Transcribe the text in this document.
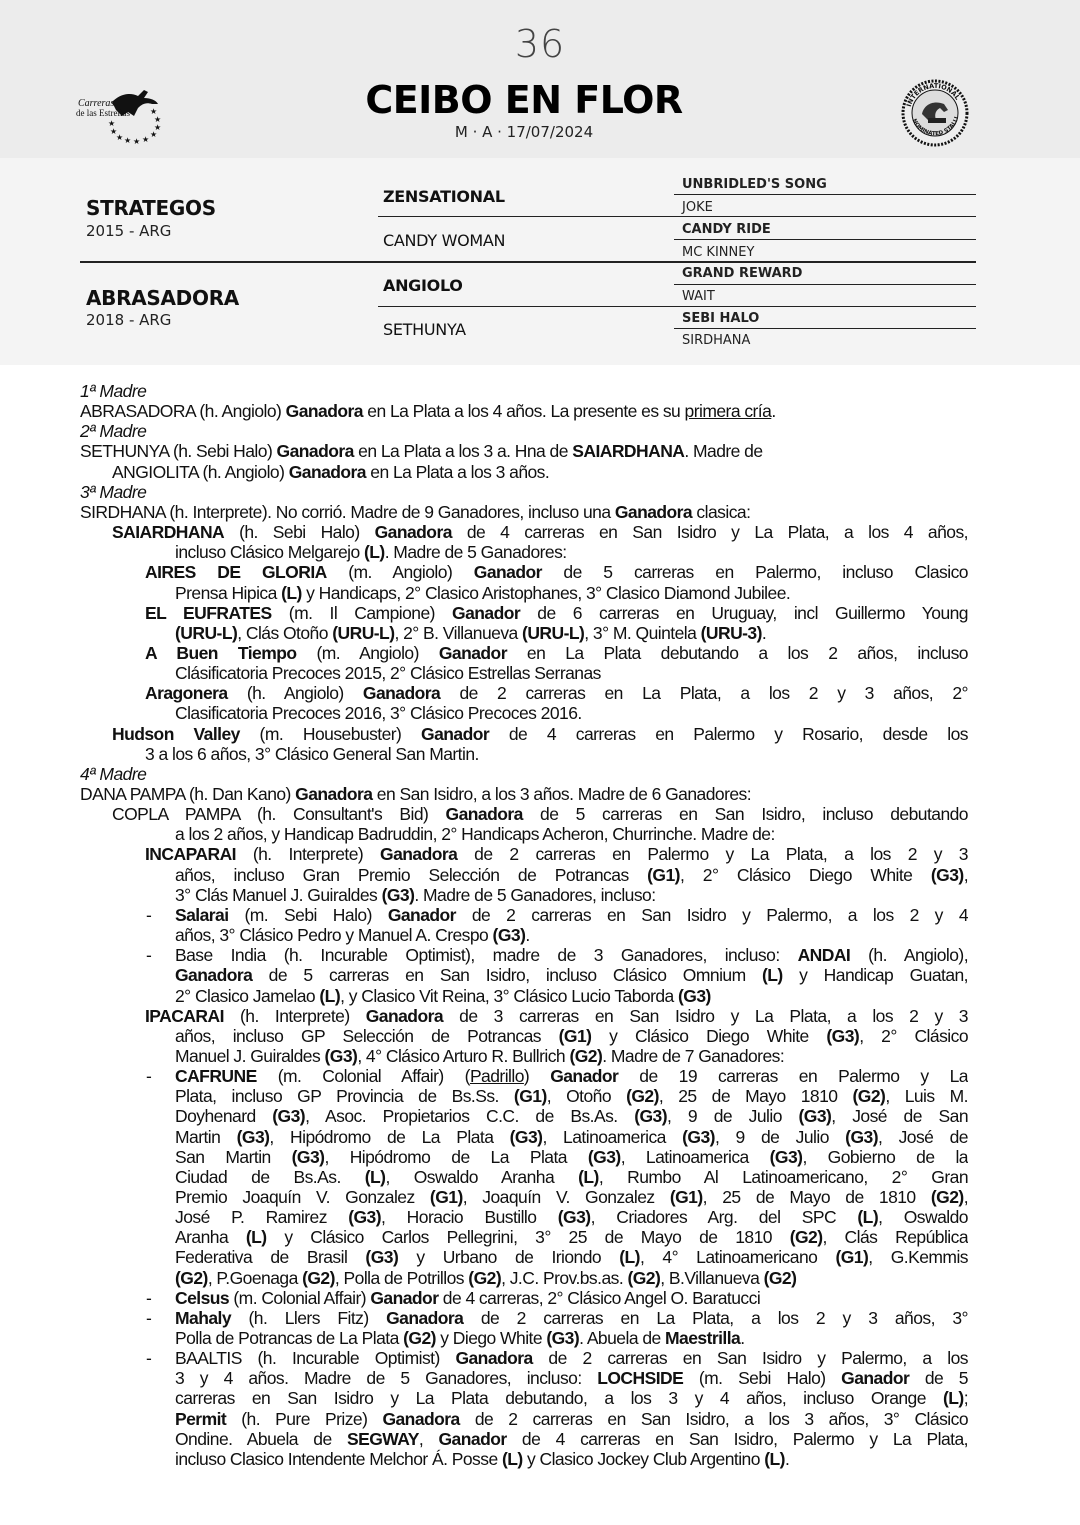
Carreras
de las Estrellas	★
★
★
★
★
★
★
★
★
★
36
CEIBO EN FLOR
M · A · 17/07/2024
INTERNATIONAL
NOMINATED STALLI
STRATEGOS
2015 - ARG
ABRASADORA
2018 - ARG
ZENSATIONAL
CANDY WOMAN
ANGIOLO
SETHUNYA
UNBRIDLED'S SONG
JOKE
CANDY RIDE
MC KINNEY
GRAND REWARD
WAIT
SEBI HALO
SIRDHANA
1ª Madre
ABRASADORA (h. Angiolo) Ganadora en La Plata a los 4 años. La presente es su primera cría.
2ª Madre
SETHUNYA (h. Sebi Halo) Ganadora en La Plata a los 3 a. Hna de SAIARDHANA. Madre de
ANGIOLITA (h. Angiolo) Ganadora en La Plata a los 3 años.
3ª Madre
SIRDHANA (h. Interprete). No corrió. Madre de 9 Ganadores, incluso una Ganadora clasica:
SAIARDHANA (h. Sebi Halo) Ganadora de 4 carreras en San Isidro y La Plata, a los 4 años,
incluso Clásico Melgarejo (L). Madre de 5 Ganadores:
AIRES DE GLORIA (m. Angiolo) Ganador de 5 carreras en Palermo, incluso Clasico
Prensa Hipica (L) y Handicaps, 2° Clasico Aristophanes, 3° Clasico Diamond Jubilee.
EL EUFRATES (m. Il Campione) Ganador de 6 carreras en Uruguay, incl Guillermo Young
(URU-L), Clás Otoño (URU-L), 2° B. Villanueva (URU-L), 3° M. Quintela (URU-3).
A Buen Tiempo (m. Angiolo) Ganador en La Plata debutando a los 2 años, incluso
Clásificatoria Precoces 2015, 2° Clásico Estrellas Serranas
Aragonera (h. Angiolo) Ganadora de 2 carreras en La Plata, a los 2 y 3 años, 2°
Clasificatoria Precoces 2016, 3° Clásico Precoces 2016.
Hudson Valley (m. Housebuster) Ganador de 4 carreras en Palermo y Rosario, desde los
3 a los 6 años, 3° Clásico General San Martin.
4ª Madre
DANA PAMPA (h. Dan Kano) Ganadora en San Isidro, a los 3 años. Madre de 6 Ganadores:
COPLA PAMPA (h. Consultant's Bid) Ganadora de 5 carreras en San Isidro, incluso debutando
a los 2 años, y Handicap Badruddin, 2° Handicaps Acheron, Churrinche. Madre de:
INCAPARAI (h. Interprete) Ganadora de 2 carreras en Palermo y La Plata, a los 2 y 3
años, incluso Gran Premio Selección de Potrancas (G1), 2° Clásico Diego White (G3),
3° Clás Manuel J. Guiraldes (G3). Madre de 5 Ganadores, incluso:
- Salarai (m. Sebi Halo) Ganador de 2 carreras en San Isidro y Palermo, a los 2 y 4
años, 3° Clásico Pedro y Manuel A. Crespo (G3).
- Base India (h. Incurable Optimist), madre de 3 Ganadores, incluso: ANDAI (h. Angiolo),
Ganadora de 5 carreras en San Isidro, incluso Clásico Omnium (L) y Handicap Guatan,
2° Clasico Jamelao (L), y Clasico Vit Reina, 3° Clásico Lucio Taborda (G3)
IPACARAI (h. Interprete) Ganadora de 3 carreras en San Isidro y La Plata, a los 2 y 3
años, incluso GP Selección de Potrancas (G1) y Clásico Diego White (G3), 2° Clásico
Manuel J. Guiraldes (G3), 4° Clásico Arturo R. Bullrich (G2). Madre de 7 Ganadores:
- CAFRUNE (m. Colonial Affair) (Padrillo) Ganador de 19 carreras en Palermo y La
Plata, incluso GP Provincia de Bs.Ss. (G1), Otoño (G2), 25 de Mayo 1810 (G2), Luis M.
Doyhenard (G3), Asoc. Propietarios C.C. de Bs.As. (G3), 9 de Julio (G3), José de San
Martin (G3), Hipódromo de La Plata (G3), Latinoamerica (G3), 9 de Julio (G3), José de
San Martin (G3), Hipódromo de La Plata (G3), Latinoamerica (G3), Gobierno de la
Ciudad de Bs.As. (L), Oswaldo Aranha (L), Rumbo Al Latinoamericano, 2° Gran
Premio Joaquín V. Gonzalez (G1), Joaquín V. Gonzalez (G1), 25 de Mayo de 1810 (G2),
José P. Ramirez (G3), Horacio Bustillo (G3), Criadores Arg. del SPC (L), Oswaldo
Aranha (L) y Clásico Carlos Pellegrini, 3° 25 de Mayo de 1810 (G2), Clás República
Federativa de Brasil (G3) y Urbano de Iriondo (L), 4° Latinoamericano (G1), G.Kemmis
(G2), P.Goenaga (G2), Polla de Potrillos (G2), J.C. Prov.bs.as. (G2), B.Villanueva (G2)
- Celsus (m. Colonial Affair) Ganador de 4 carreras, 2° Clásico Angel O. Baratucci
- Mahaly (h. Llers Fitz) Ganadora de 2 carreras en La Plata, a los 2 y 3 años, 3°
Polla de Potrancas de La Plata (G2) y Diego White (G3). Abuela de Maestrilla.
- BAALTIS (h. Incurable Optimist) Ganadora de 2 carreras en San Isidro y Palermo, a los
3 y 4 años. Madre de 5 Ganadores, incluso: LOCHSIDE (m. Sebi Halo) Ganador de 5
carreras en San Isidro y La Plata debutando, a los 3 y 4 años, incluso Orange (L);
Permit (h. Pure Prize) Ganadora de 2 carreras en San Isidro, a los 3 años, 3° Clásico
Ondine. Abuela de SEGWAY, Ganador de 4 carreras en San Isidro, Palermo y La Plata,
incluso Clasico Intendente Melchor Á. Posse (L) y Clasico Jockey Club Argentino (L).
